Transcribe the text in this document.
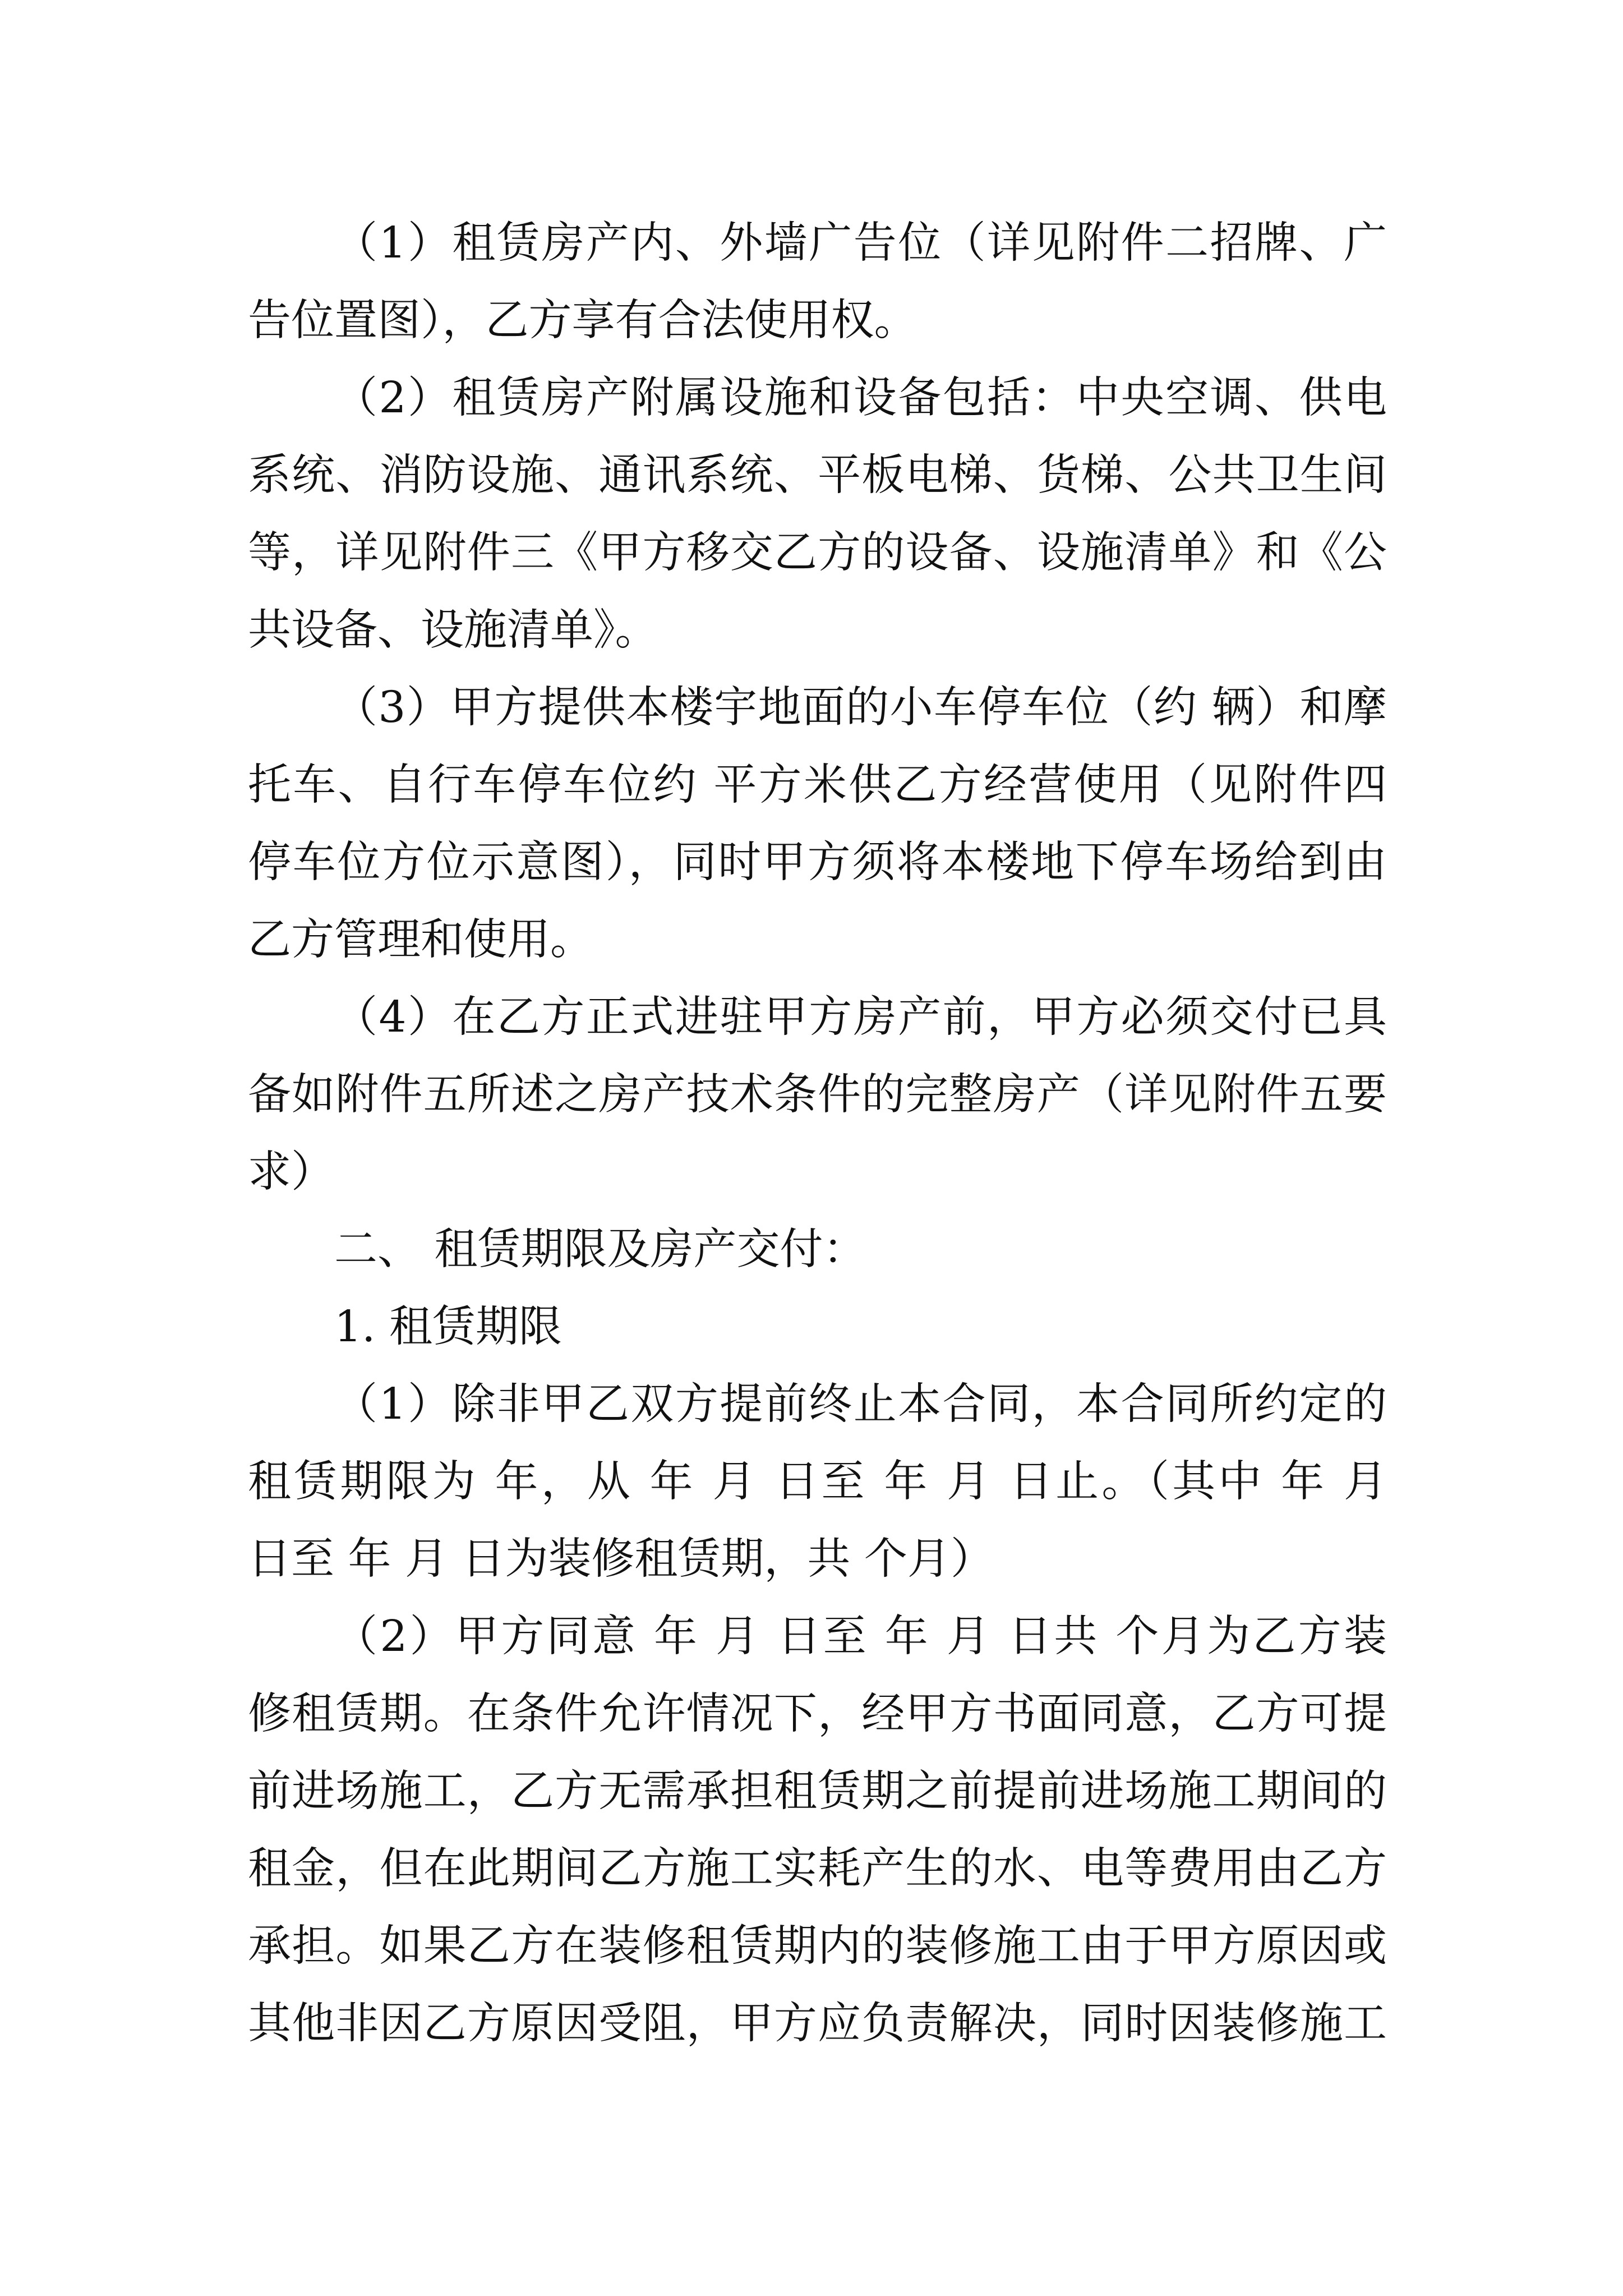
（1）租赁房产内、外墙广告位（详见附件二招牌、广
告位置图），乙方享有合法使用权。
（2）租赁房产附属设施和设备包括：中央空调、供电
系统、消防设施、通讯系统、平板电梯、货梯、公共卫生间
等，详见附件三《甲方移交乙方的设备、设施清单》和《公
共设备、设施清单》。
（3）甲方提供本楼宇地面的小车停车位（约 辆）和摩
托车、自行车停车位约 平方米供乙方经营使用（见附件四
停车位方位示意图），同时甲方须将本楼地下停车场给到由
乙方管理和使用。
（4）在乙方正式进驻甲方房产前，甲方必须交付已具
备如附件五所述之房产技术条件的完整房产（详见附件五要
求）
二、 租赁期限及房产交付：
1. 租赁期限
（1）除非甲乙双方提前终止本合同，本合同所约定的
租赁期限为 年，从 年 月 日至 年 月 日止。（其中 年 月
日至 年 月 日为装修租赁期，共 个月）
（2）甲方同意 年 月 日至 年 月 日共 个月为乙方装
修租赁期。在条件允许情况下，经甲方书面同意，乙方可提
前进场施工，乙方无需承担租赁期之前提前进场施工期间的
租金，但在此期间乙方施工实耗产生的水、电等费用由乙方
承担。如果乙方在装修租赁期内的装修施工由于甲方原因或
其他非因乙方原因受阻，甲方应负责解决，同时因装修施工
